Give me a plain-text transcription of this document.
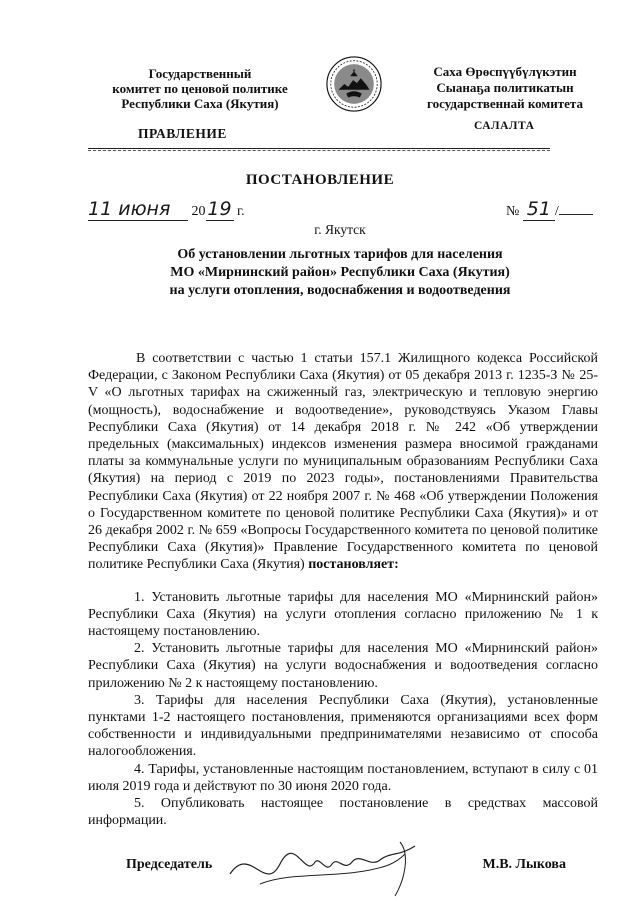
Государственный
комитет по ценовой политике
Республики Саха (Якутия)
Саха Өрөспүүбүлүкэтин
Сыанаҕа политикатын
государственнай комитета
ПРАВЛЕНИЕ	САЛАЛТА
ПОСТАНОВЛЕНИЕ
11 июня 20 19 г.	№ 51 /
г. Якутск
Об установлении льготных тарифов для населения
МО «Мирнинский район» Республики Саха (Якутия)
на услуги отопления, водоснабжения и водоотведения

В соответствии с частью 1 статьи 157.1 Жилищного кодекса Российской Федерации, с Законом Республики Саха (Якутия) от 05 декабря 2013 г. 1235-З № 25-V «О льготных тарифах на сжиженный газ, электрическую и тепловую энергию (мощность), водоснабжение и водоотведение», руководствуясь Указом Главы Республики Саха (Якутия) от 14 декабря 2018 г. № 242 «Об утверждении предельных (максимальных) индексов изменения размера вносимой гражданами платы за коммунальные услуги по муниципальным образованиям Республики Саха (Якутия) на период с 2019 по 2023 годы», постановлениями Правительства Республики Саха (Якутия) от 22 ноября 2007 г. № 468 «Об утверждении Положения о Государственном комитете по ценовой политике Республики Саха (Якутия)» и от 26 декабря 2002 г. № 659 «Вопросы Государственного комитета по ценовой политике Республики Саха (Якутия)» Правление Государственного комитета по ценовой политике Республики Саха (Якутия) постановляет:

1. Установить льготные тарифы для населения МО «Мирнинский район» Республики Саха (Якутия) на услуги отопления согласно приложению № 1 к настоящему постановлению.

2. Установить льготные тарифы для населения МО «Мирнинский район» Республики Саха (Якутия) на услуги водоснабжения и водоотведения согласно приложению № 2 к настоящему постановлению.

3. Тарифы для населения Республики Саха (Якутия), установленные пунктами 1-2 настоящего постановления, применяются организациями всех форм собственности и индивидуальными предпринимателями независимо от способа налогообложения.

4. Тарифы, установленные настоящим постановлением, вступают в силу с 01 июля 2019 года и действуют по 30 июня 2020 года.

5. Опубликовать настоящее постановление в средствах массовой информации.

Председатель	М.В. Лыкова
